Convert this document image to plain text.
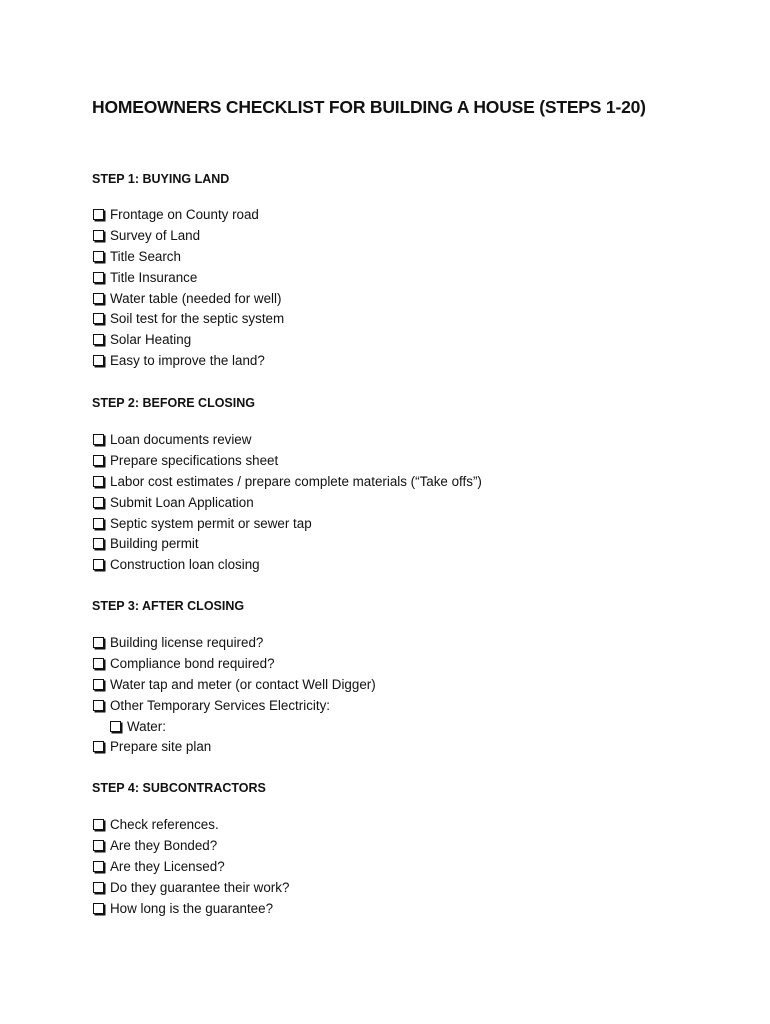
HOMEOWNERS CHECKLIST FOR BUILDING A HOUSE (STEPS 1-20)
STEP 1: BUYING LAND
Frontage on County road
Survey of Land
Title Search
Title Insurance
Water table (needed for well)
Soil test for the septic system
Solar Heating
Easy to improve the land?
STEP 2: BEFORE CLOSING
Loan documents review
Prepare specifications sheet
Labor cost estimates / prepare complete materials (“Take offs”)
Submit Loan Application
Septic system permit or sewer tap
Building permit
Construction loan closing
STEP 3: AFTER CLOSING
Building license required?
Compliance bond required?
Water tap and meter (or contact Well Digger)
Other Temporary Services Electricity:
Water:
Prepare site plan
STEP 4: SUBCONTRACTORS
Check references.
Are they Bonded?
Are they Licensed?
Do they guarantee their work?
How long is the guarantee?
